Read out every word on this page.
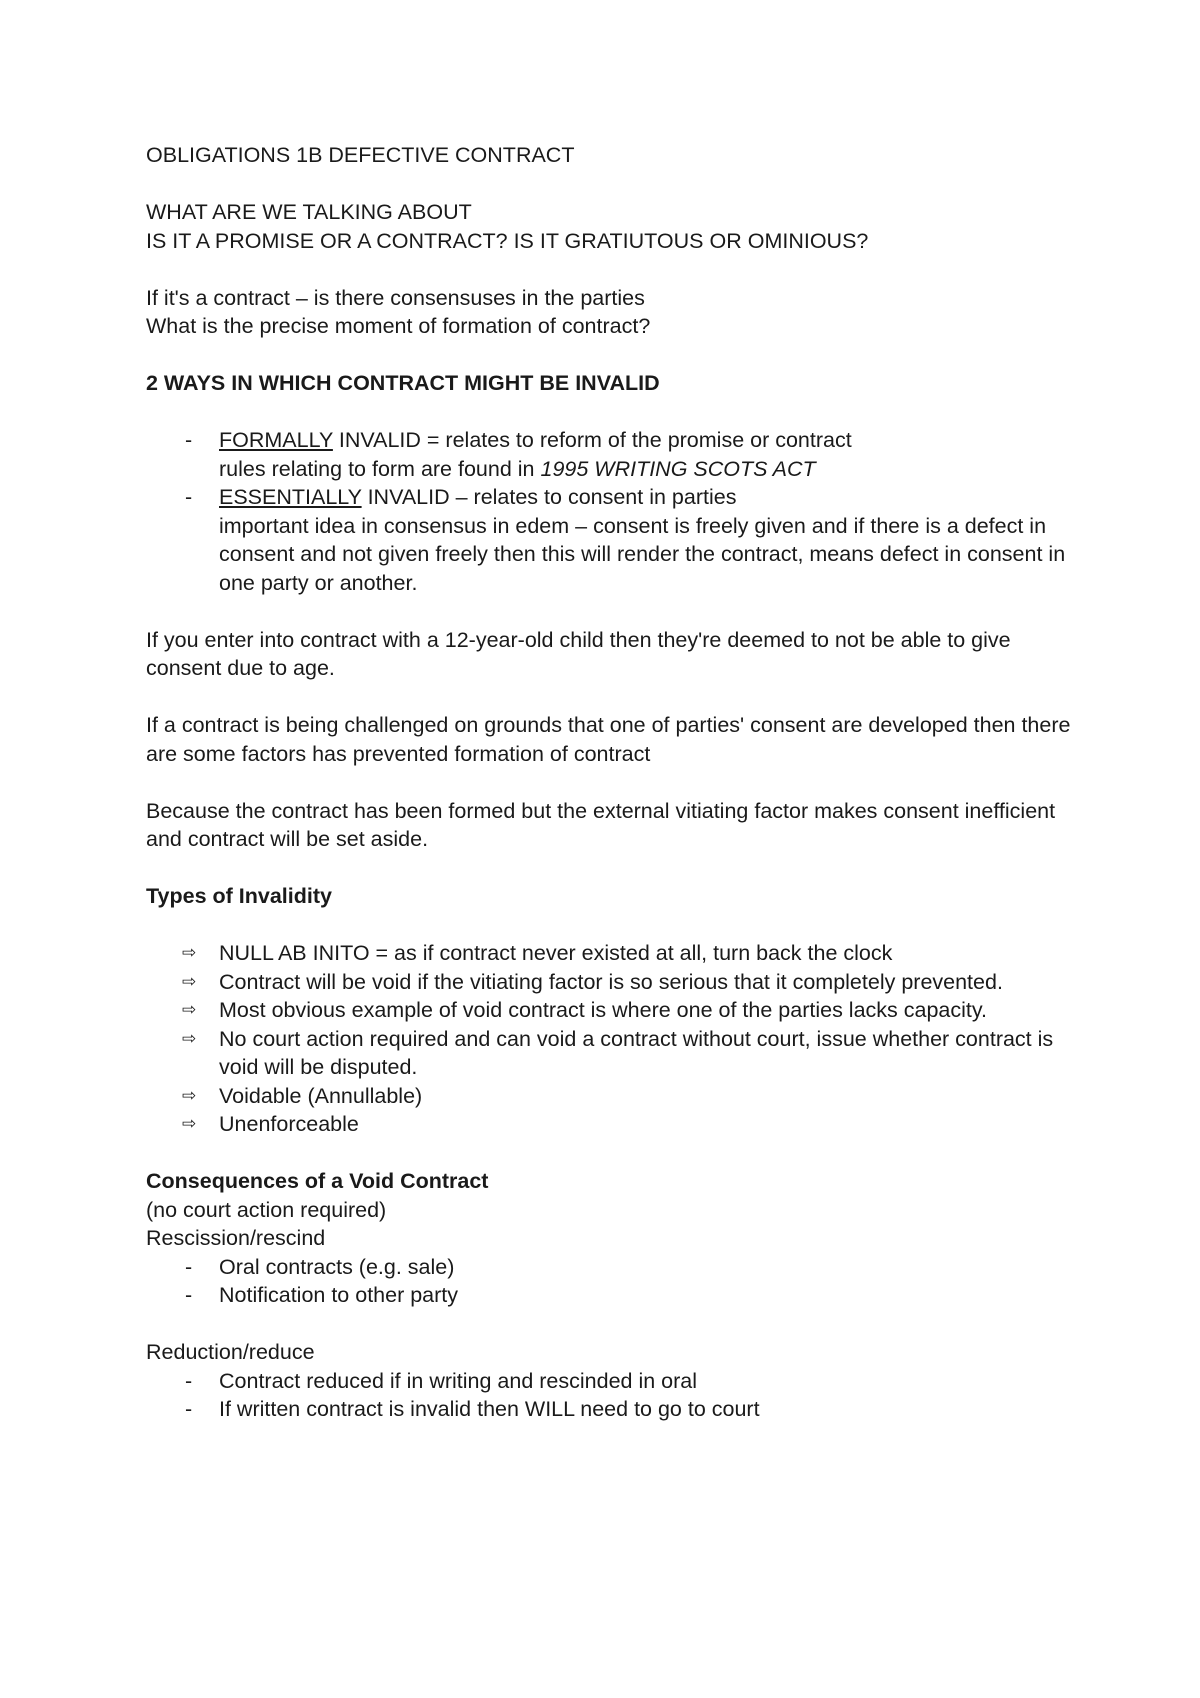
OBLIGATIONS 1B DEFECTIVE CONTRACT

WHAT ARE WE TALKING ABOUT

IS IT A PROMISE OR A CONTRACT? IS IT GRATIUTOUS OR OMINIOUS?

If it's a contract – is there consensuses in the parties

What is the precise moment of formation of contract?

2 WAYS IN WHICH CONTRACT MIGHT BE INVALID

- FORMALLY INVALID = relates to reform of the promise or contract
rules relating to form are found in 1995 WRITING SCOTS ACT
- ESSENTIALLY INVALID – relates to consent in parties
important idea in consensus in edem – consent is freely given and if there is a defect in consent and not given freely then this will render the contract, means defect in consent in one party or another.

If you enter into contract with a 12-year-old child then they're deemed to not be able to give consent due to age.

If a contract is being challenged on grounds that one of parties' consent are developed then there are some factors has prevented formation of contract

Because the contract has been formed but the external vitiating factor makes consent inefficient and contract will be set aside.

Types of Invalidity

⇨ NULL AB INITO = as if contract never existed at all, turn back the clock
⇨ Contract will be void if the vitiating factor is so serious that it completely prevented.
⇨ Most obvious example of void contract is where one of the parties lacks capacity.
⇨ No court action required and can void a contract without court, issue whether contract is void will be disputed.
⇨ Voidable (Annullable)
⇨ Unenforceable

Consequences of a Void Contract

(no court action required)

Rescission/rescind

- Oral contracts (e.g. sale)
- Notification to other party

Reduction/reduce

- Contract reduced if in writing and rescinded in oral
- If written contract is invalid then WILL need to go to court
